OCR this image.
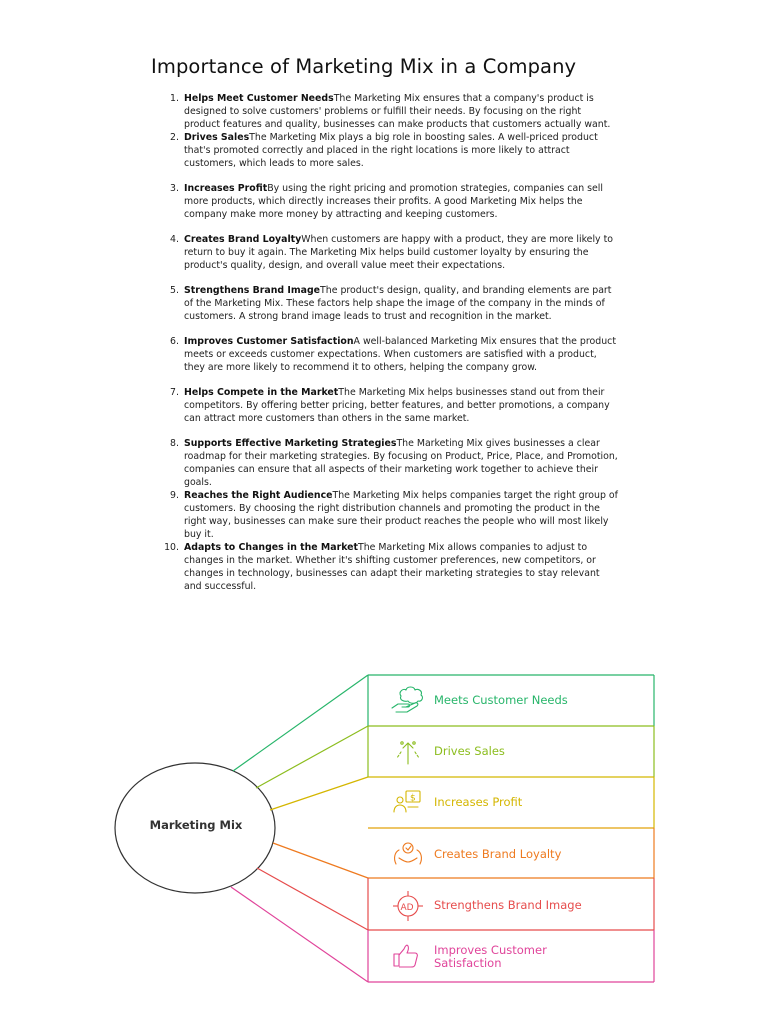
Importance of Marketing Mix in a Company
1. Helps Meet Customer NeedsThe Marketing Mix ensures that a company's product is designed to solve customers' problems or fulfill their needs. By focusing on the right product features and quality, businesses can make products that customers actually want.
2. Drives SalesThe Marketing Mix plays a big role in boosting sales. A well-priced product that's promoted correctly and placed in the right locations is more likely to attract customers, which leads to more sales.
3. Increases ProfitBy using the right pricing and promotion strategies, companies can sell more products, which directly increases their profits. A good Marketing Mix helps the company make more money by attracting and keeping customers.
4. Creates Brand LoyaltyWhen customers are happy with a product, they are more likely to return to buy it again. The Marketing Mix helps build customer loyalty by ensuring the product's quality, design, and overall value meet their expectations.
5. Strengthens Brand ImageThe product's design, quality, and branding elements are part of the Marketing Mix. These factors help shape the image of the company in the minds of customers. A strong brand image leads to trust and recognition in the market.
6. Improves Customer SatisfactionA well-balanced Marketing Mix ensures that the product meets or exceeds customer expectations. When customers are satisfied with a product, they are more likely to recommend it to others, helping the company grow.
7. Helps Compete in the MarketThe Marketing Mix helps businesses stand out from their competitors. By offering better pricing, better features, and better promotions, a company can attract more customers than others in the same market.
8. Supports Effective Marketing StrategiesThe Marketing Mix gives businesses a clear roadmap for their marketing strategies. By focusing on Product, Price, Place, and Promotion, companies can ensure that all aspects of their marketing work together to achieve their goals.
9. Reaches the Right AudienceThe Marketing Mix helps companies target the right group of customers. By choosing the right distribution channels and promoting the product in the right way, businesses can make sure their product reaches the people who will most likely buy it.
10. Adapts to Changes in the MarketThe Marketing Mix allows companies to adjust to changes in the market. Whether it's shifting customer preferences, new competitors, or changes in technology, businesses can adapt their marketing strategies to stay relevant and successful.
$
AD
Marketing Mix
Meets Customer Needs
Drives Sales
Increases Profit
Creates Brand Loyalty
Strengthens Brand Image
Improves Customer Satisfaction
